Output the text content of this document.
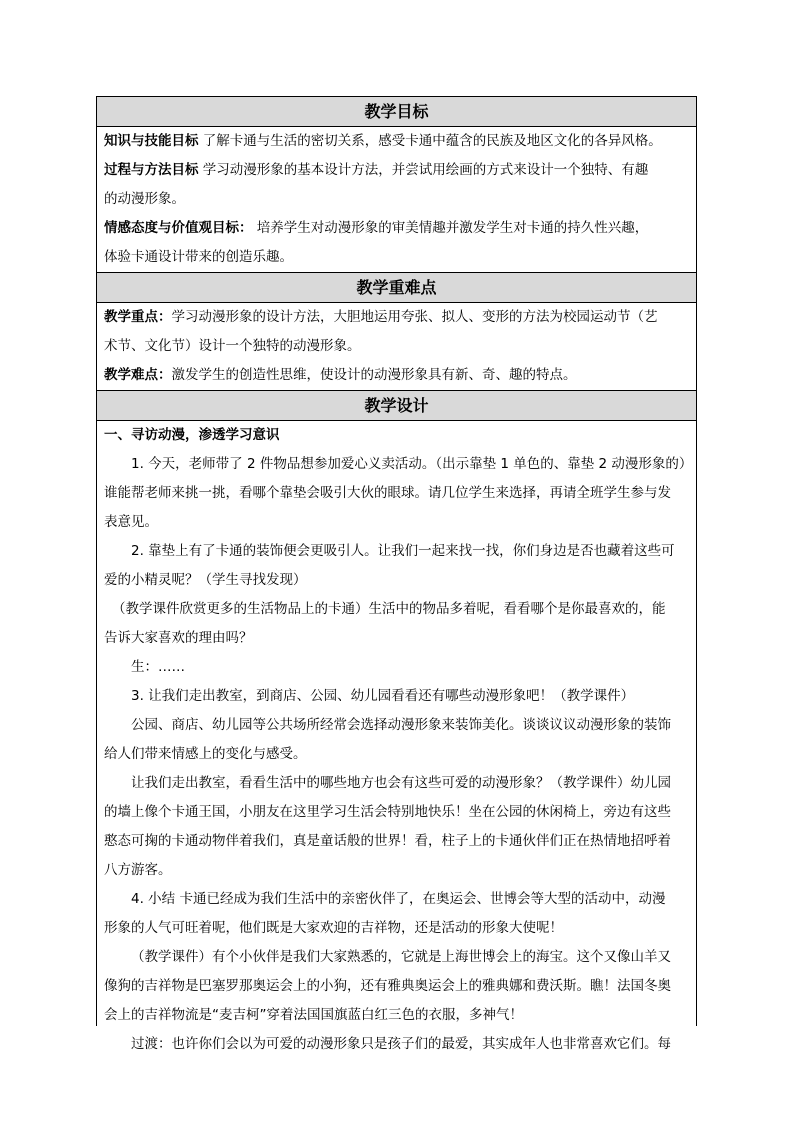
教学目标

知识与技能目标 了解卡通与生活的密切关系，感受卡通中蕴含的民族及地区文化的各异风格。

过程与方法目标 学习动漫形象的基本设计方法，并尝试用绘画的方式来设计一个独特、有趣

的动漫形象。

情感态度与价值观目标： 培养学生对动漫形象的审美情趣并激发学生对卡通的持久性兴趣，

体验卡通设计带来的创造乐趣。

教学重难点

教学重点：学习动漫形象的设计方法，大胆地运用夸张、拟人、变形的方法为校园运动节（艺

术节、文化节）设计一个独特的动漫形象。

教学难点：激发学生的创造性思维，使设计的动漫形象具有新、奇、趣的特点。

教学设计

一、寻访动漫，渗透学习意识

1. 今天，老师带了 2 件物品想参加爱心义卖活动。（出示靠垫 1 单色的、靠垫 2 动漫形象的）

谁能帮老师来挑一挑，看哪个靠垫会吸引大伙的眼球。请几位学生来选择，再请全班学生参与发

表意见。

2. 靠垫上有了卡通的装饰便会更吸引人。让我们一起来找一找，你们身边是否也藏着这些可

爱的小精灵呢？（学生寻找发现）

（教学课件欣赏更多的生活物品上的卡通）生活中的物品多着呢，看看哪个是你最喜欢的，能

告诉大家喜欢的理由吗？

生：……

3. 让我们走出教室，到商店、公园、幼儿园看看还有哪些动漫形象吧！（教学课件）

公园、商店、幼儿园等公共场所经常会选择动漫形象来装饰美化。谈谈议议动漫形象的装饰

给人们带来情感上的变化与感受。

让我们走出教室，看看生活中的哪些地方也会有这些可爱的动漫形象？（教学课件）幼儿园

的墙上像个卡通王国，小朋友在这里学习生活会特别地快乐！坐在公园的休闲椅上，旁边有这些

憨态可掬的卡通动物伴着我们，真是童话般的世界！看，柱子上的卡通伙伴们正在热情地招呼着

八方游客。

4. 小结 卡通已经成为我们生活中的亲密伙伴了，在奥运会、世博会等大型的活动中，动漫

形象的人气可旺着呢，他们既是大家欢迎的吉祥物，还是活动的形象大使呢！

（教学课件）有个小伙伴是我们大家熟悉的，它就是上海世博会上的海宝。这个又像山羊又

像狗的吉祥物是巴塞罗那奥运会上的小狗，还有雅典奥运会上的雅典娜和费沃斯。瞧！法国冬奥

会上的吉祥物流是“麦吉柯”穿着法国国旗蓝白红三色的衣服，多神气！

过渡：也许你们会以为可爱的动漫形象只是孩子们的最爱，其实成年人也非常喜欢它们。每
